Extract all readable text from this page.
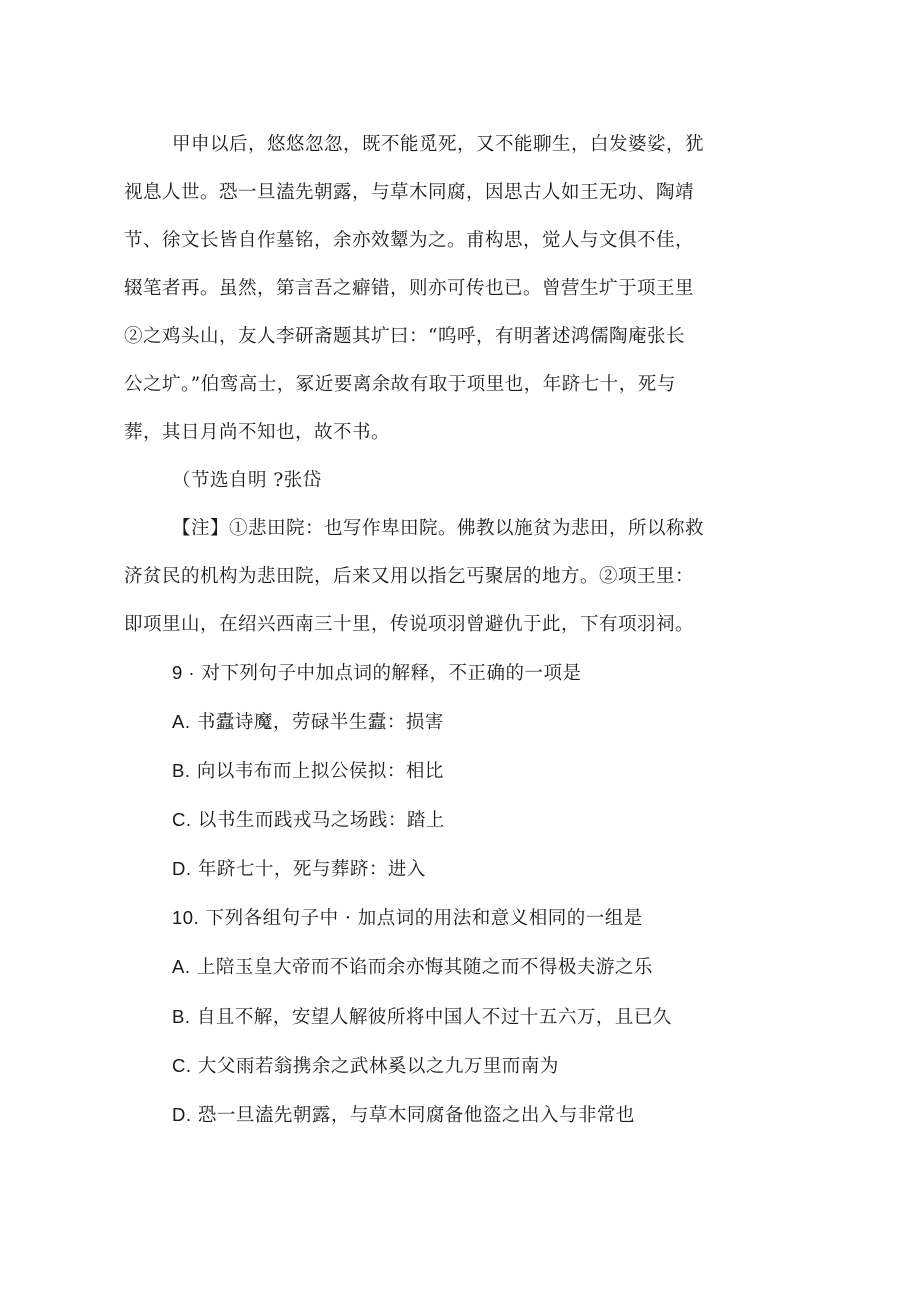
甲申以后，悠悠忽忽，既不能觅死，又不能聊生，白发婆娑，犹
视息人世。恐一旦溘先朝露，与草木同腐，因思古人如王无功、陶靖
节、徐文长皆自作墓铭，余亦效颦为之。甫构思，觉人与文俱不佳，
辍笔者再。虽然，第言吾之癖错，则亦可传也已。曾营生圹于项王里
②之鸡头山，友人李研斋题其圹曰：“呜呼，有明著述鸿儒陶庵张长
公之圹。”伯鸾高士，冢近要离余故有取于项里也，年跻七十，死与
葬，其日月尚不知也，故不书。
（节选自明 ?张岱
【注】①悲田院：也写作卑田院。佛教以施贫为悲田，所以称救
济贫民的机构为悲田院，后来又用以指乞丐聚居的地方。②项王里：
即项里山，在绍兴西南三十里，传说项羽曾避仇于此，下有项羽祠。
9 · 对下列句子中加点词的解释，不正确的一项是
A. 书蠹诗魔，劳碌半生蠹：损害
B. 向以韦布而上拟公侯拟：相比
C. 以书生而践戎马之场践：踏上
D. 年跻七十，死与葬跻：进入
10. 下列各组句子中 · 加点词的用法和意义相同的一组是
A. 上陪玉皇大帝而不谄而余亦悔其随之而不得极夫游之乐
B. 自且不解，安望人解彼所将中国人不过十五六万，且已久
C. 大父雨若翁携余之武林奚以之九万里而南为
D. 恐一旦溘先朝露，与草木同腐备他盗之出入与非常也
